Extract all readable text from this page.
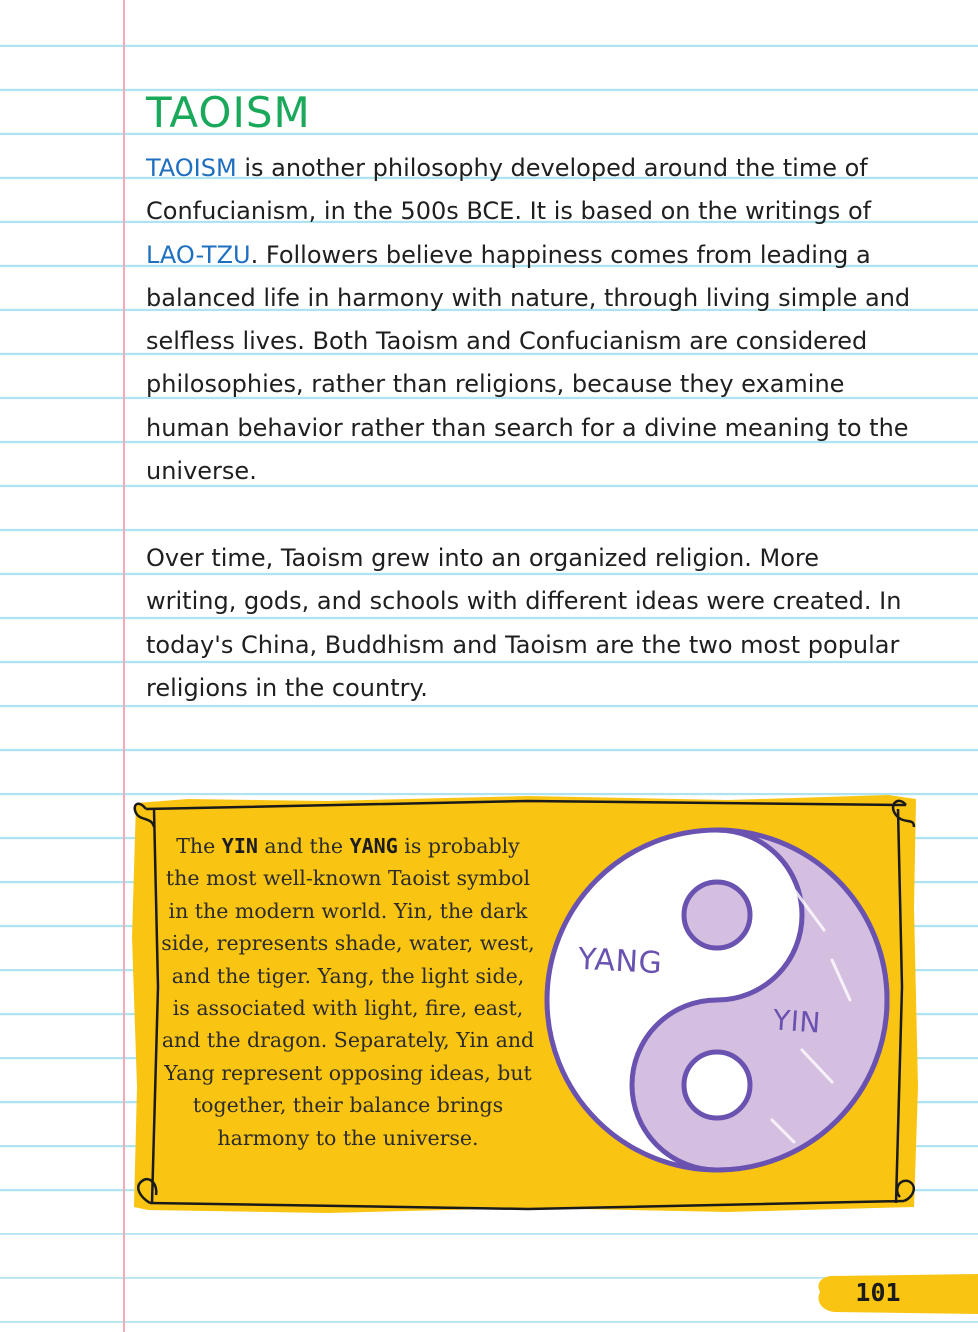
TAOISM

TAOISM is another philosophy developed around the time of Confucianism, in the 500s BCE. It is based on the writings of LAO-TZU. Followers believe happiness comes from leading a balanced life in harmony with nature, through living simple and selfless lives. Both Taoism and Confucianism are considered philosophies, rather than religions, because they examine human behavior rather than search for a divine meaning to the universe.

Over time, Taoism grew into an organized religion. More writing, gods, and schools with different ideas were created. In today's China, Buddhism and Taoism are the two most popular religions in the country.

The YIN and the YANG is probably the most well-known Taoist symbol in the modern world. Yin, the dark side, represents shade, water, west, and the tiger. Yang, the light side, is associated with light, fire, east, and the dragon. Separately, Yin and Yang represent opposing ideas, but together, their balance brings harmony to the universe.

YANG
YIN
101
